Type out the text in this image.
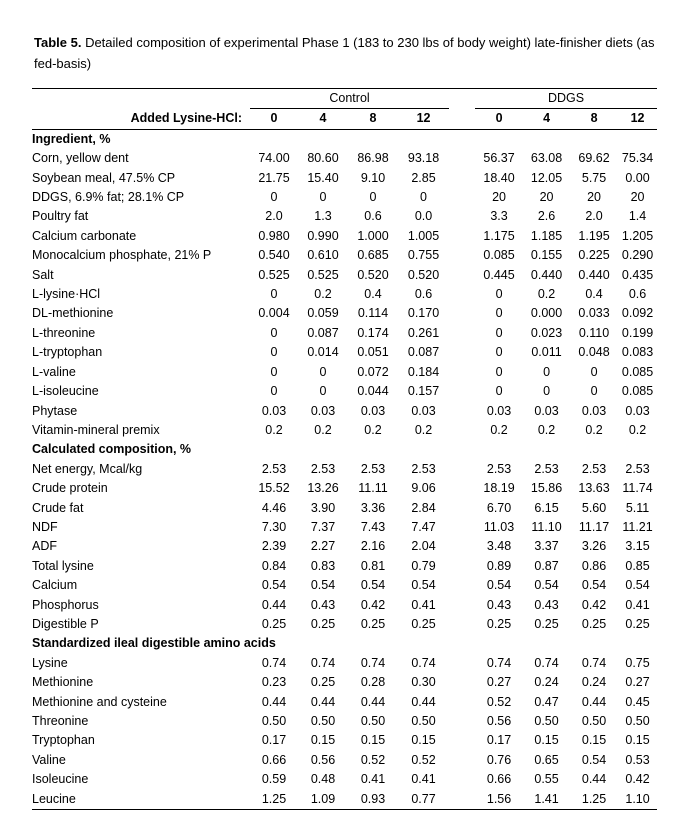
Table 5. Detailed composition of experimental Phase 1 (183 to 230 lbs of body weight) late-finisher diets (as fed-basis)
	Control					DDGS			
Added Lysine-HCl:	0	4	8	12		0	4	8	12
Ingredient, %									
Corn, yellow dent	74.00	80.60	86.98	93.18		56.37	63.08	69.62	75.34
Soybean meal, 47.5% CP	21.75	15.40	9.10	2.85		18.40	12.05	5.75	0.00
DDGS, 6.9% fat; 28.1% CP	0	0	0	0		20	20	20	20
Poultry fat	2.0	1.3	0.6	0.0		3.3	2.6	2.0	1.4
Calcium carbonate	0.980	0.990	1.000	1.005		1.175	1.185	1.195	1.205
Monocalcium phosphate, 21% P	0.540	0.610	0.685	0.755		0.085	0.155	0.225	0.290
Salt	0.525	0.525	0.520	0.520		0.445	0.440	0.440	0.435
L-lysine·HCl	0	0.2	0.4	0.6		0	0.2	0.4	0.6
DL-methionine	0.004	0.059	0.114	0.170		0	0.000	0.033	0.092
L-threonine	0	0.087	0.174	0.261		0	0.023	0.110	0.199
L-tryptophan	0	0.014	0.051	0.087		0	0.011	0.048	0.083
L-valine	0	0	0.072	0.184		0	0	0	0.085
L-isoleucine	0	0	0.044	0.157		0	0	0	0.085
Phytase	0.03	0.03	0.03	0.03		0.03	0.03	0.03	0.03
Vitamin-mineral premix	0.2	0.2	0.2	0.2		0.2	0.2	0.2	0.2
Calculated composition, %									
Net energy, Mcal/kg	2.53	2.53	2.53	2.53		2.53	2.53	2.53	2.53
Crude protein	15.52	13.26	11.11	9.06		18.19	15.86	13.63	11.74
Crude fat	4.46	3.90	3.36	2.84		6.70	6.15	5.60	5.11
NDF	7.30	7.37	7.43	7.47		11.03	11.10	11.17	11.21
ADF	2.39	2.27	2.16	2.04		3.48	3.37	3.26	3.15
Total lysine	0.84	0.83	0.81	0.79		0.89	0.87	0.86	0.85
Calcium	0.54	0.54	0.54	0.54		0.54	0.54	0.54	0.54
Phosphorus	0.44	0.43	0.42	0.41		0.43	0.43	0.42	0.41
Digestible P	0.25	0.25	0.25	0.25		0.25	0.25	0.25	0.25
Standardized ileal digestible amino acids									
Lysine	0.74	0.74	0.74	0.74		0.74	0.74	0.74	0.75
Methionine	0.23	0.25	0.28	0.30		0.27	0.24	0.24	0.27
Methionine and cysteine	0.44	0.44	0.44	0.44		0.52	0.47	0.44	0.45
Threonine	0.50	0.50	0.50	0.50		0.56	0.50	0.50	0.50
Tryptophan	0.17	0.15	0.15	0.15		0.17	0.15	0.15	0.15
Valine	0.66	0.56	0.52	0.52		0.76	0.65	0.54	0.53
Isoleucine	0.59	0.48	0.41	0.41		0.66	0.55	0.44	0.42
Leucine	1.25	1.09	0.93	0.77		1.56	1.41	1.25	1.10
